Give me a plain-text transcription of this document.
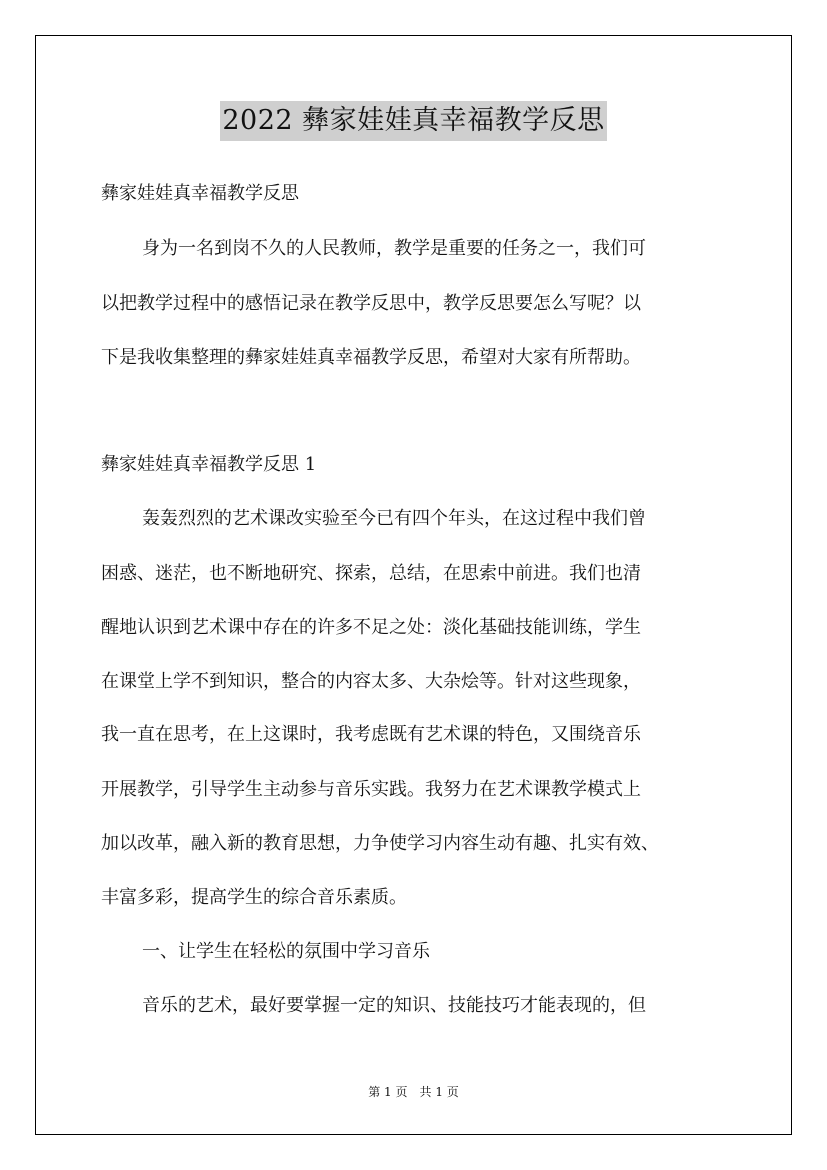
2022 彝家娃娃真幸福教学反思
彝家娃娃真幸福教学反思
身为一名到岗不久的人民教师，教学是重要的任务之一，我们可
以把教学过程中的感悟记录在教学反思中，教学反思要怎么写呢？以
下是我收集整理的彝家娃娃真幸福教学反思，希望对大家有所帮助。
彝家娃娃真幸福教学反思 1
轰轰烈烈的艺术课改实验至今已有四个年头，在这过程中我们曾
困惑、迷茫，也不断地研究、探索，总结，在思索中前进。我们也清
醒地认识到艺术课中存在的许多不足之处：淡化基础技能训练，学生
在课堂上学不到知识，整合的内容太多、大杂烩等。针对这些现象，
我一直在思考，在上这课时，我考虑既有艺术课的特色，又围绕音乐
开展教学，引导学生主动参与音乐实践。我努力在艺术课教学模式上
加以改革，融入新的教育思想，力争使学习内容生动有趣、扎实有效、
丰富多彩，提高学生的综合音乐素质。
一、让学生在轻松的氛围中学习音乐
音乐的艺术，最好要掌握一定的知识、技能技巧才能表现的，但
第 1 页　共 1 页
